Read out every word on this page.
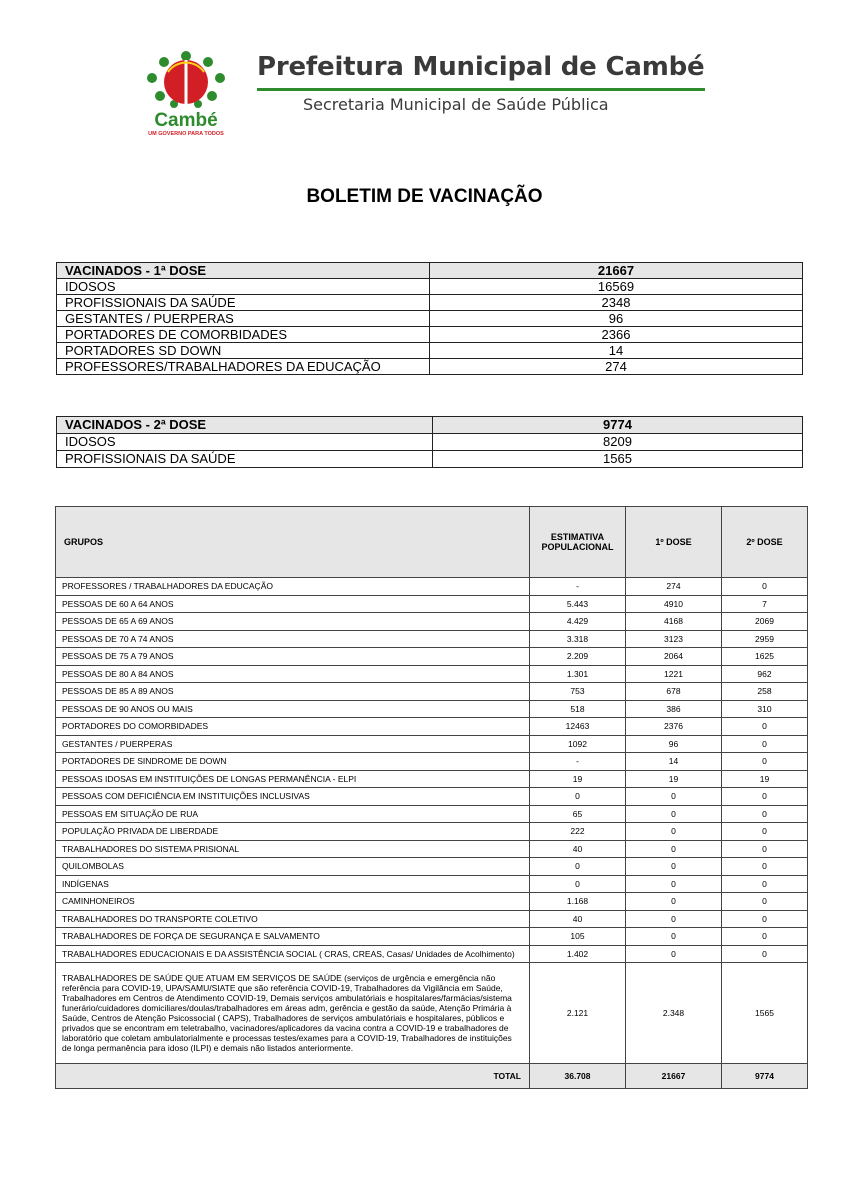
Cambé
UM GOVERNO PARA TODOS
Prefeitura Municipal de Cambé
Secretaria Municipal de Saúde Pública
BOLETIM DE VACINAÇÃO
VACINADOS - 1ª DOSE	21667
IDOSOS	16569
PROFISSIONAIS DA SAÚDE	2348
GESTANTES / PUERPERAS	96
PORTADORES DE COMORBIDADES	2366
PORTADORES SD DOWN	14
PROFESSORES/TRABALHADORES DA EDUCAÇÃO	274
VACINADOS - 2ª DOSE	9774
IDOSOS	8209
PROFISSIONAIS DA SAÚDE	1565
GRUPOS	ESTIMATIVA POPULACIONAL	1º DOSE	2º DOSE
PROFESSORES / TRABALHADORES DA EDUCAÇÃO	-	274	0
PESSOAS DE 60 A 64 ANOS	5.443	4910	7
PESSOAS DE 65 A 69 ANOS	4.429	4168	2069
PESSOAS DE 70 A 74 ANOS	3.318	3123	2959
PESSOAS DE 75 A 79 ANOS	2.209	2064	1625
PESSOAS DE 80 A 84 ANOS	1.301	1221	962
PESSOAS DE 85 A 89 ANOS	753	678	258
PESSOAS DE 90 ANOS OU MAIS	518	386	310
PORTADORES DO COMORBIDADES	12463	2376	0
GESTANTES / PUERPERAS	1092	96	0
PORTADORES DE SINDROME DE DOWN	-	14	0
PESSOAS IDOSAS EM INSTITUIÇÕES DE LONGAS PERMANÊNCIA - ELPI	19	19	19
PESSOAS COM DEFICIÊNCIA EM INSTITUIÇÕES INCLUSIVAS	0	0	0
PESSOAS EM SITUAÇÃO DE RUA	65	0	0
POPULAÇÃO PRIVADA DE LIBERDADE	222	0	0
TRABALHADORES DO SISTEMA PRISIONAL	40	0	0
QUILOMBOLAS	0	0	0
INDÍGENAS	0	0	0
CAMINHONEIROS	1.168	0	0
TRABALHADORES DO TRANSPORTE COLETIVO	40	0	0
TRABALHADORES DE FORÇA DE SEGURANÇA E SALVAMENTO	105	0	0
TRABALHADORES EDUCACIONAIS E DA ASSISTÊNCIA SOCIAL ( CRAS, CREAS, Casas/ Unidades de Acolhimento)	1.402	0	0
TRABALHADORES DE SAÚDE QUE ATUAM EM SERVIÇOS DE SAÚDE (serviços de urgência e emergência não referência para COVID-19, UPA/SAMU/SIATE que são referência COVID-19, Trabalhadores da Vigilância em Saúde, Trabalhadores em Centros de Atendimento COVID-19, Demais serviços ambulatóriais e hospitalares/farmácias/sistema funerário/cuidadores domiciliares/doulas/trabalhadores em áreas adm, gerência e gestão da saúde, Atenção Primária à Saúde, Centros de Atenção Psicossocial ( CAPS), Trabalhadores de serviços ambulatóriais e hospitalares, públicos e privados que se encontram em teletrabalho, vacinadores/aplicadores da vacina contra a COVID-19 e trabalhadores de laboratório que coletam ambulatorialmente e processas testes/exames para a COVID-19, Trabalhadores de instituições de longa permanência para idoso (ILPI) e demais não listados anteriormente.	2.121	2.348	1565
TOTAL	36.708	21667	9774
